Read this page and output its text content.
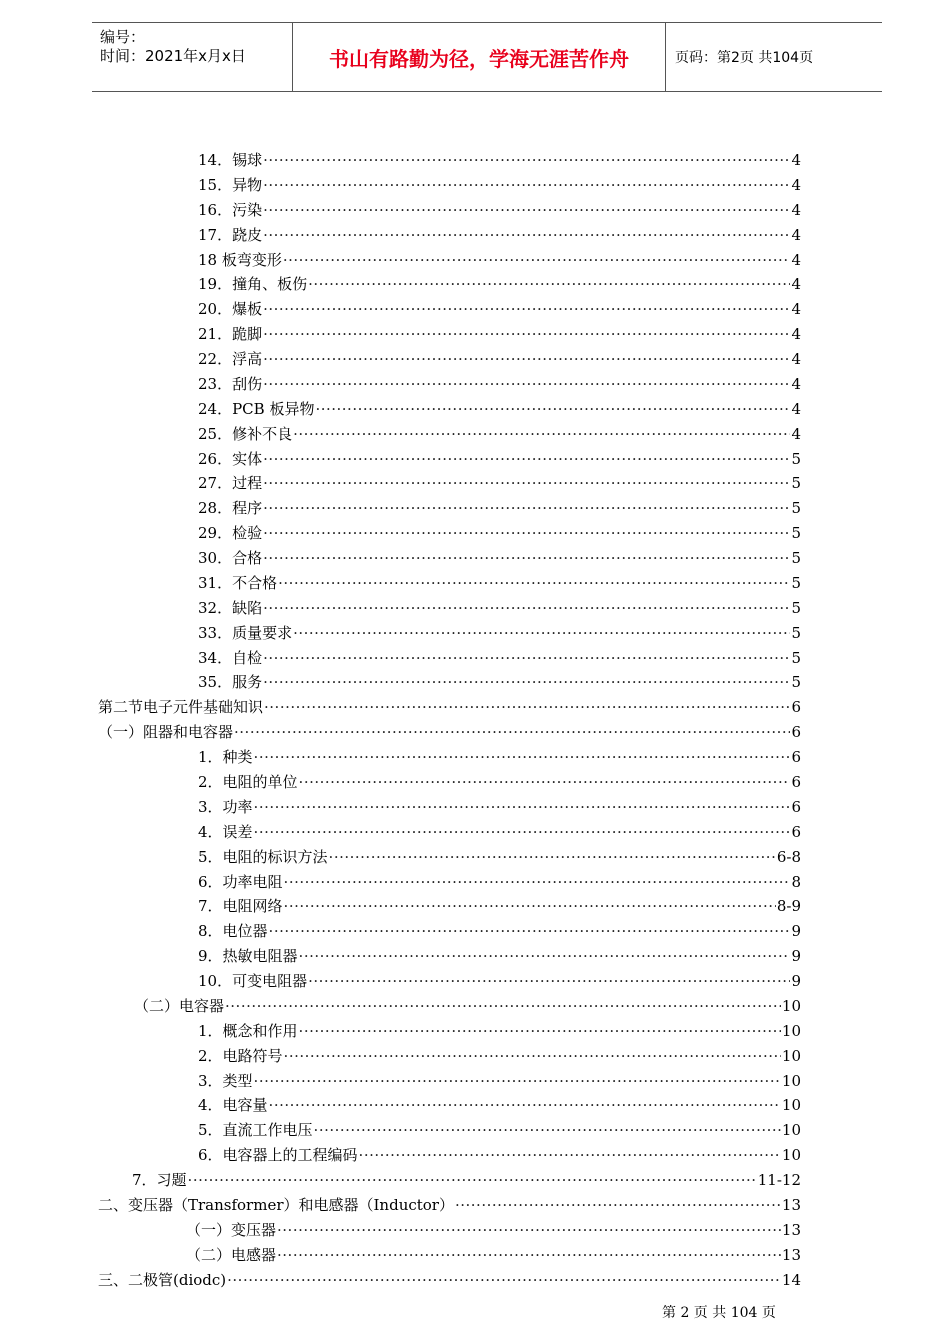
编号：
时间：2021年x月x日	书山有路勤为径，学海无涯苦作舟	页码：第2页 共104页
14．锡球 ·····	4
15．异物 ·····	4
16．污染 ·····	4
17．跷皮 ·····	4
18 板弯变形 ·····	4
19．撞角、板伤 ·····	4
20．爆板 ·····	4
21．跪脚 ·····	4
22．浮高 ·····	4
23．刮伤 ·····	4
24．PCB 板异物 ·····	4
25．修补不良 ·····	4
26．实体 ·····	5
27．过程 ·····	5
28．程序 ·····	5
29．检验 ·····	5
30．合格 ·····	5
31．不合格 ·····	5
32．缺陷 ·····	5
33．质量要求 ·····	5
34．自检 ·····	5
35．服务 ·····	5
第二节电子元件基础知识 ·····	6
（一）阻器和电容器 ·····	6
1．种类 ·····	6
2．电阻的单位 ·····	6
3．功率 ·····	6
4．误差 ·····	6
5．电阻的标识方法 ·····	6-8
6．功率电阻 ·····	8
7．电阻网络 ·····	8-9
8．电位器 ·····	9
9．热敏电阻器 ·····	9
10．可变电阻器 ·····	9
（二）电容器 ·····	10
1．概念和作用 ·····	10
2．电路符号 ·····	10
3．类型 ·····	10
4．电容量 ·····	10
5．直流工作电压 ·····	10
6．电容器上的工程编码 ·····	10
7．习题 ·····	11-12
二、变压器（Transformer）和电感器（Inductor） ·····	13
（一）变压器 ·····	13
（二）电感器 ·····	13
三、二极管(diodc) ·····	14
第 2 页 共 104 页
